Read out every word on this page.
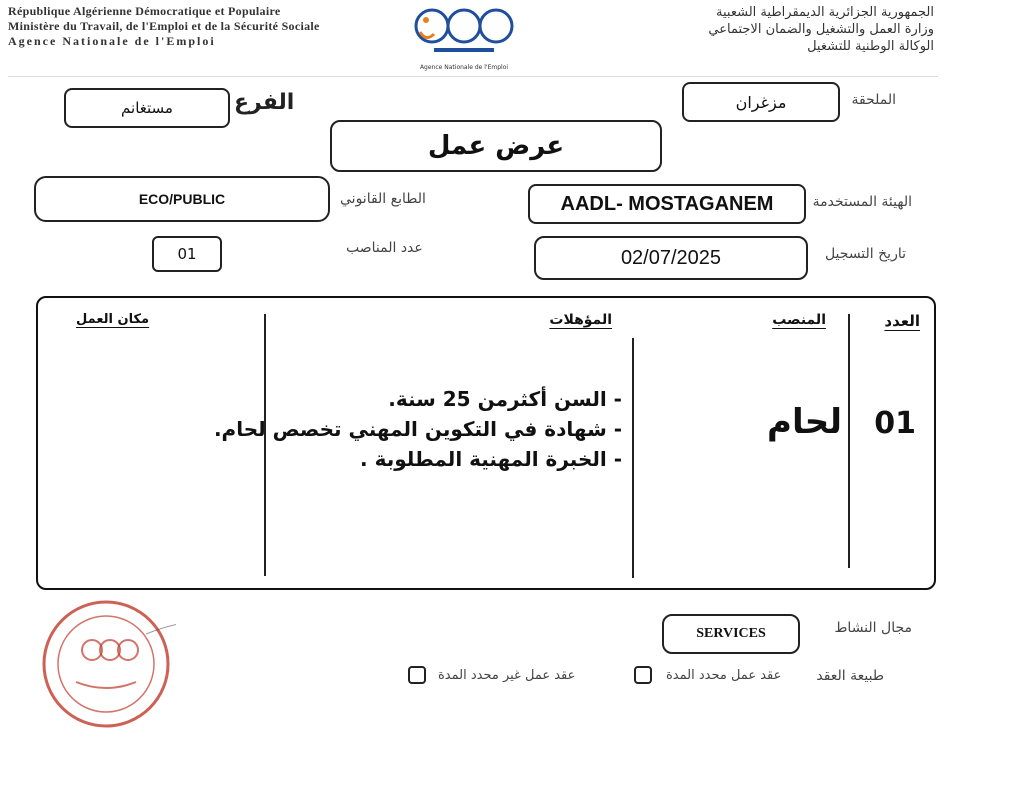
République Algérienne Démocratique et Populaire
Ministère du Travail, de l'Emploi et de la Sécurité Sociale
Agence Nationale de l'Emploi
Agence Nationale de l'Emploi
الجمهورية الجزائرية الديمقراطية الشعبية
وزارة العمل والتشغيل والضمان الاجتماعي
الوكالة الوطنية للتشغيل
الملحقة
مزغران
الفرع
مستغانم
عرض عمل
الهيئة المستخدمة
AADL- MOSTAGANEM
الطابع القانوني
ECO/PUBLIC
تاريخ التسجيل
02/07/2025
عدد المناصب
01
العدد
المنصب
المؤهلات
مكان العمل
01
لحام
- السن أكثرمن 25 سنة.
- شهادة في التكوين المهني تخصص لحام.
- الخبرة المهنية المطلوبة .
مجال النشاط
SERVICES
طبيعة العقد
عقد عمل محدد المدة
عقد عمل غير محدد المدة
